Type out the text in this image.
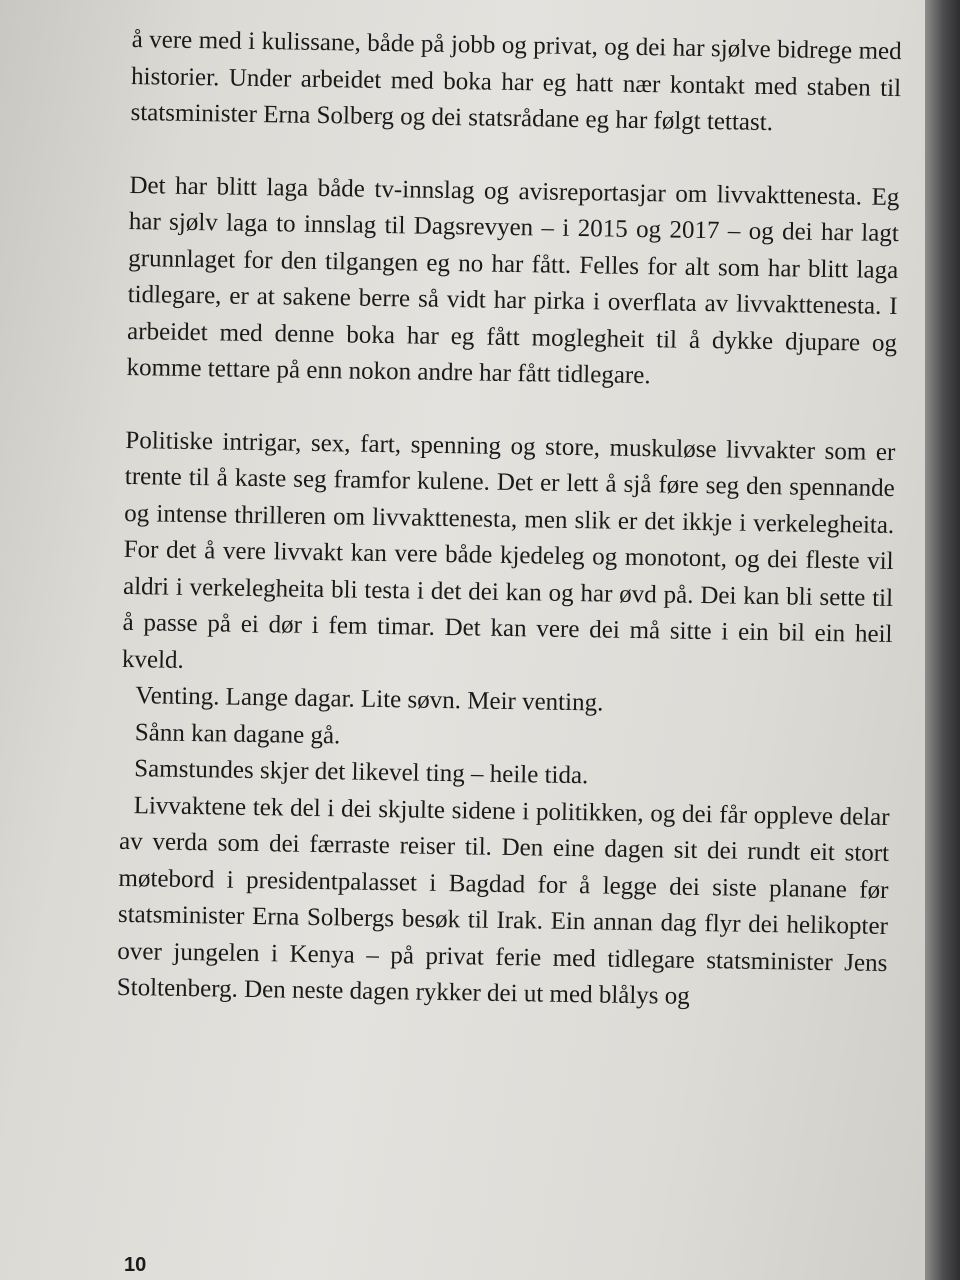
å vere med i kulissane, både på jobb og privat, og dei har sjølve bidrege med historier. Under arbeidet med boka har eg hatt nær kontakt med staben til statsminister Erna Solberg og dei statsrådane eg har følgt tettast.

Det har blitt laga både tv-innslag og avisreportasjar om livvakttenesta. Eg har sjølv laga to innslag til Dagsrevyen – i 2015 og 2017 – og dei har lagt grunnlaget for den tilgangen eg no har fått. Felles for alt som har blitt laga tidlegare, er at sakene berre så vidt har pirka i overflata av livvakttenesta. I arbeidet med denne boka har eg fått moglegheit til å dykke djupare og komme tettare på enn nokon andre har fått tidlegare.

Politiske intrigar, sex, fart, spenning og store, muskuløse livvakter som er trente til å kaste seg framfor kulene. Det er lett å sjå føre seg den spennande og intense thrilleren om livvakttenesta, men slik er det ikkje i verkelegheita. For det å vere livvakt kan vere både kjedeleg og monotont, og dei fleste vil aldri i verkelegheita bli testa i det dei kan og har øvd på. Dei kan bli sette til å passe på ei dør i fem timar. Det kan vere dei må sitte i ein bil ein heil kveld.

Venting. Lange dagar. Lite søvn. Meir venting.

Sånn kan dagane gå.

Samstundes skjer det likevel ting – heile tida.

Livvaktene tek del i dei skjulte sidene i politikken, og dei får oppleve delar av verda som dei færraste reiser til. Den eine dagen sit dei rundt eit stort møtebord i presidentpalasset i Bagdad for å legge dei siste planane før statsminister Erna Solbergs besøk til Irak. Ein annan dag flyr dei helikopter over jungelen i Kenya – på privat ferie med tidlegare statsminister Jens Stoltenberg. Den neste dagen rykker dei ut med blålys og

10
